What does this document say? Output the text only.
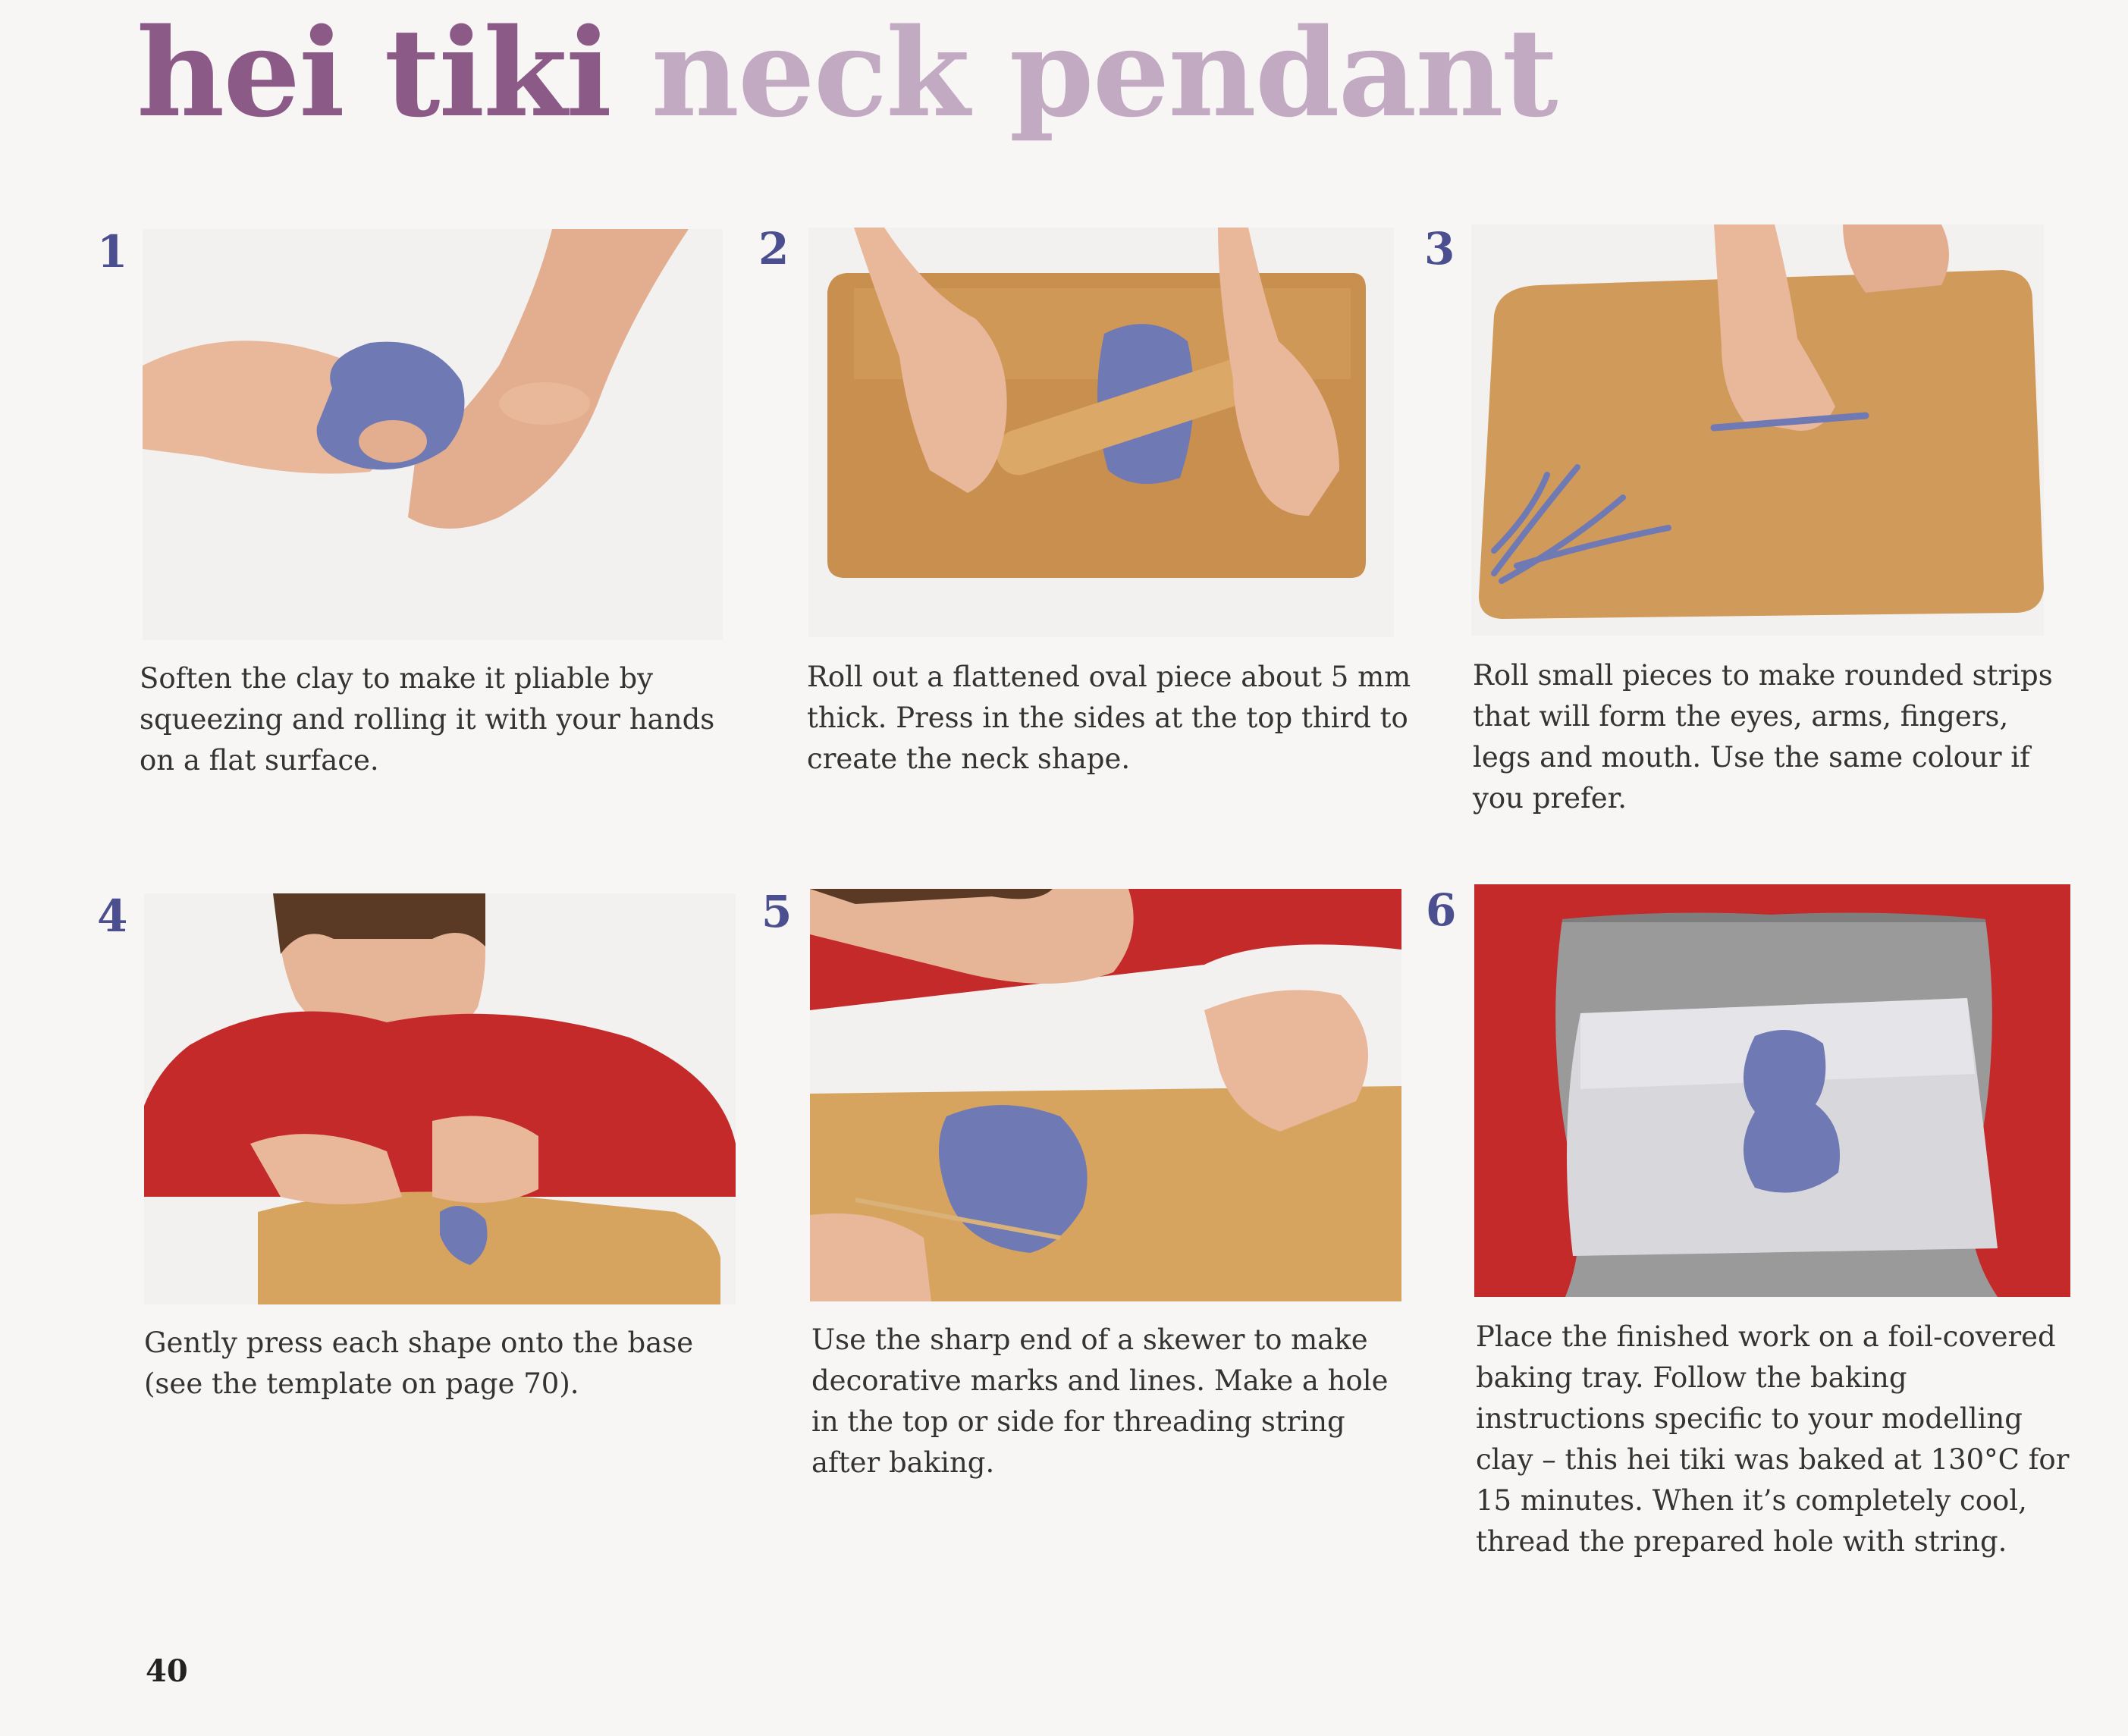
hei tiki neck pendant
1

Soften the clay to make it pliable by squeezing and rolling it with your hands on a flat surface.

2

Roll out a flattened oval piece about 5 mm thick. Press in the sides at the top third to create the neck shape.

3

Roll small pieces to make rounded strips that will form the eyes, arms, fingers, legs and mouth. Use the same colour if you prefer.

4

Gently press each shape onto the base (see the template on page 70).

5

Use the sharp end of a skewer to make decorative marks and lines. Make a hole in the top or side for threading string after baking.

6

Place the finished work on a foil-covered baking tray. Follow the baking instructions specific to your modelling clay – this hei tiki was baked at 130°C for 15 minutes. When it’s completely cool, thread the prepared hole with string.

40
